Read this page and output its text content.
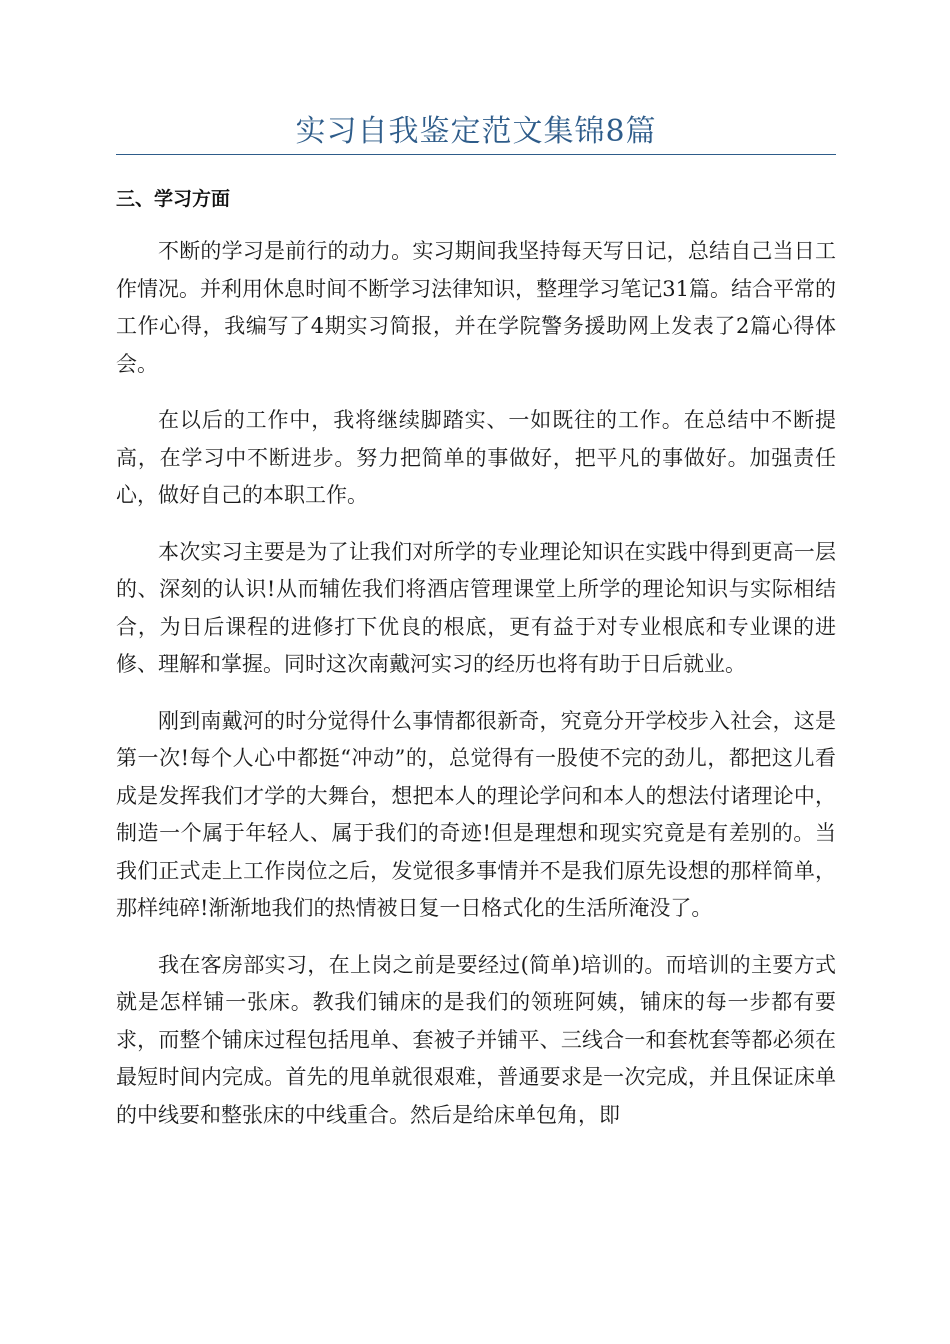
实习自我鉴定范文集锦8篇
三、学习方面

不断的学习是前行的动力。实习期间我坚持每天写日记，总结自己当日工作情况。并利用休息时间不断学习法律知识，整理学习笔记31篇。结合平常的工作心得，我编写了4期实习简报，并在学院警务援助网上发表了2篇心得体会。

在以后的工作中，我将继续脚踏实、一如既往的工作。在总结中不断提高，在学习中不断进步。努力把简单的事做好，把平凡的事做好。加强责任心，做好自己的本职工作。

本次实习主要是为了让我们对所学的专业理论知识在实践中得到更高一层的、深刻的认识!从而辅佐我们将酒店管理课堂上所学的理论知识与实际相结合，为日后课程的进修打下优良的根底，更有益于对专业根底和专业课的进修、理解和掌握。同时这次南戴河实习的经历也将有助于日后就业。

刚到南戴河的时分觉得什么事情都很新奇，究竟分开学校步入社会，这是第一次!每个人心中都挺“冲动”的，总觉得有一股使不完的劲儿，都把这儿看成是发挥我们才学的大舞台，想把本人的理论学问和本人的想法付诸理论中，制造一个属于年轻人、属于我们的奇迹!但是理想和现实究竟是有差别的。当我们正式走上工作岗位之后，发觉很多事情并不是我们原先设想的那样简单，那样纯碎!渐渐地我们的热情被日复一日格式化的生活所淹没了。

我在客房部实习，在上岗之前是要经过(简单)培训的。而培训的主要方式就是怎样铺一张床。教我们铺床的是我们的领班阿姨，铺床的每一步都有要求，而整个铺床过程包括甩单、套被子并铺平、三线合一和套枕套等都必须在最短时间内完成。首先的甩单就很艰难，普通要求是一次完成，并且保证床单的中线要和整张床的中线重合。然后是给床单包角，即
